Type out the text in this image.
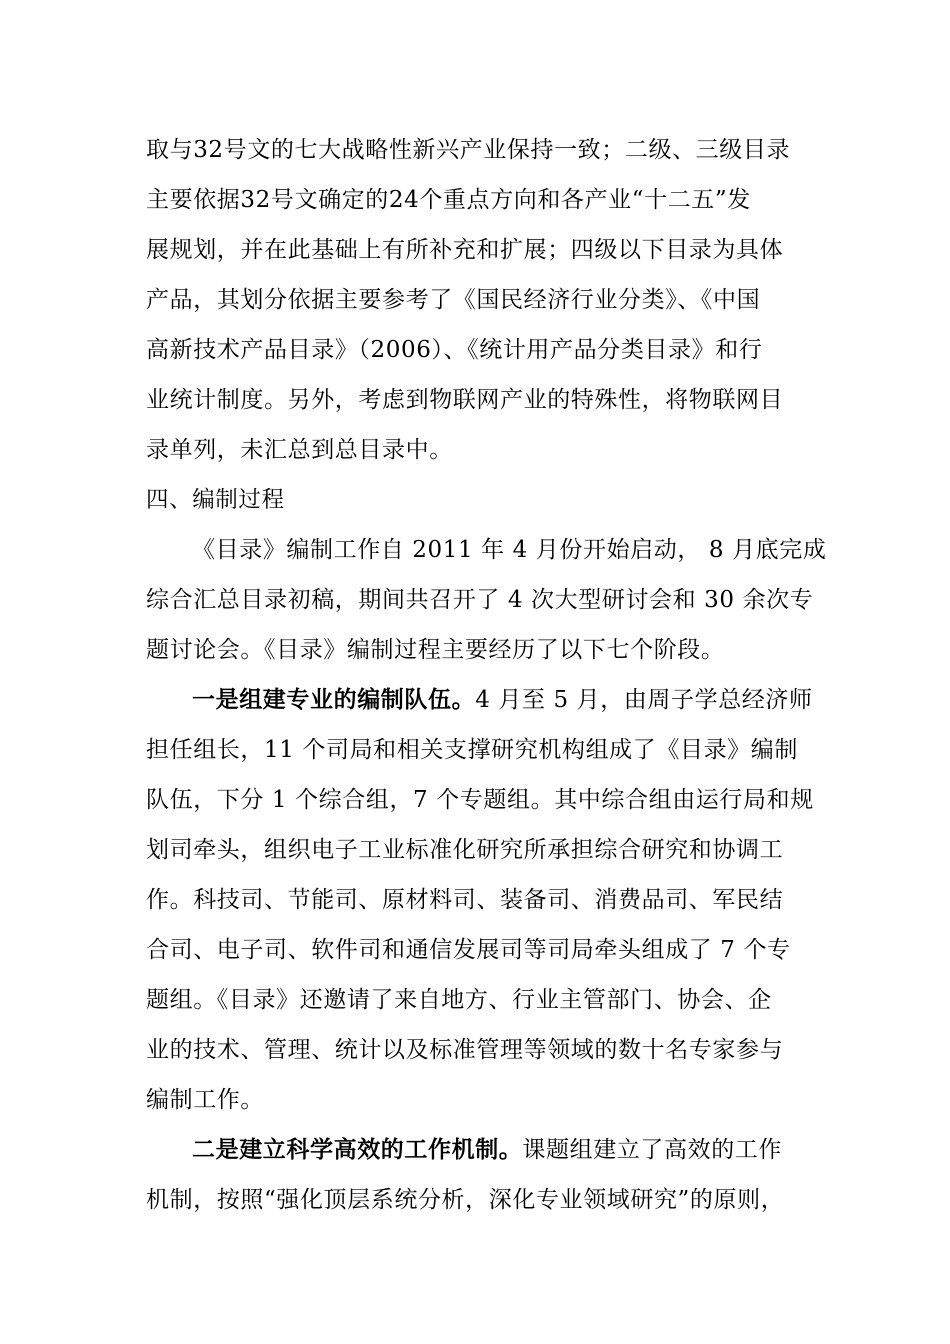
取与32号文的七大战略性新兴产业保持一致；二级、三级目录
主要依据32号文确定的24个重点方向和各产业“十二五”发
展规划，并在此基础上有所补充和扩展；四级以下目录为具体
产品，其划分依据主要参考了《国民经济行业分类》、《中国
高新技术产品目录》（2006）、《统计用产品分类目录》和行
业统计制度。另外，考虑到物联网产业的特殊性，将物联网目
录单列，未汇总到总目录中。
四、编制过程
《目录》编制工作自 2011 年 4 月份开始启动， 8 月底完成
综合汇总目录初稿，期间共召开了 4 次大型研讨会和 30 余次专
题讨论会。《目录》编制过程主要经历了以下七个阶段。
一是组建专业的编制队伍。4 月至 5 月，由周子学总经济师
担任组长，11 个司局和相关支撑研究机构组成了《目录》编制
队伍，下分 1 个综合组，7 个专题组。其中综合组由运行局和规
划司牵头，组织电子工业标准化研究所承担综合研究和协调工
作。科技司、节能司、原材料司、装备司、消费品司、军民结
合司、电子司、软件司和通信发展司等司局牵头组成了 7 个专
题组。《目录》还邀请了来自地方、行业主管部门、协会、企
业的技术、管理、统计以及标准管理等领域的数十名专家参与
编制工作。
二是建立科学高效的工作机制。课题组建立了高效的工作
机制，按照“强化顶层系统分析，深化专业领域研究”的原则，
